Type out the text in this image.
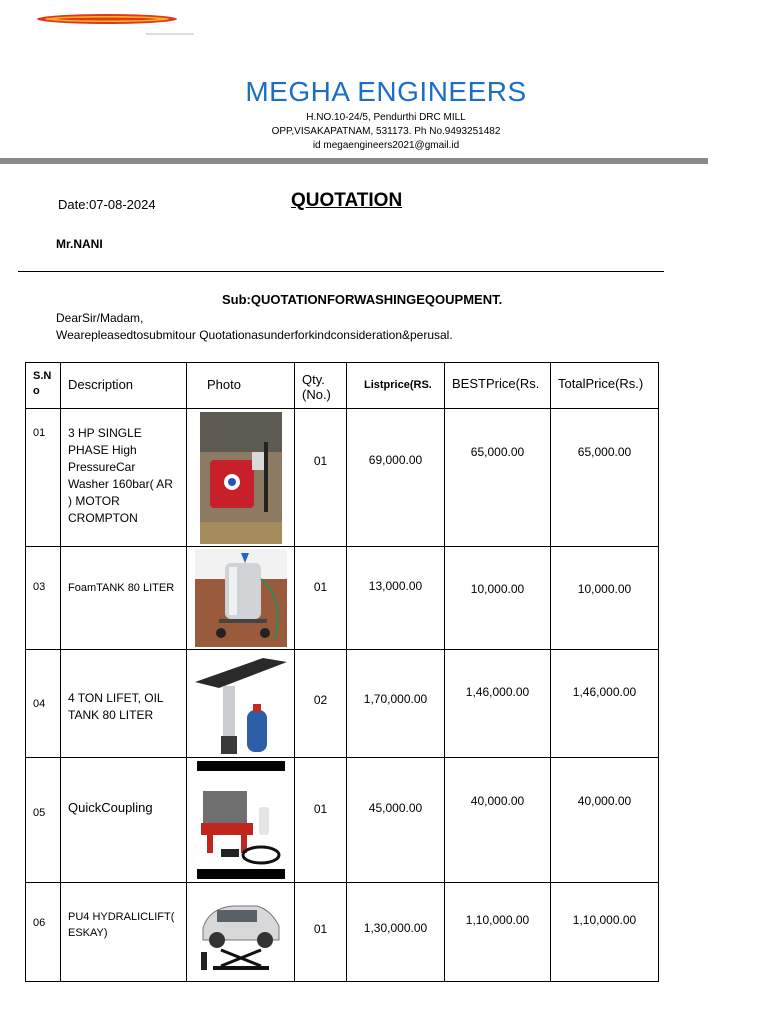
MEGHA ENGINEERS
H.NO.10-24/5, Pendurthi DRC MILL
OPP,VISAKAPATNAM, 531173. Ph No.9493251482
id megaengineers2021@gmail.id
Date:07-08-2024	QUOTATION
Mr.NANI
Sub:QUOTATIONFORWASHINGEQOUPMENT.
DearSir/Madam,
Wearepleasedtosubmitour Quotationasunderforkindconsideration&perusal.
S.N o	Description	Photo	Qty. (No.)	Listprice(RS.	BESTPrice(Rs.	TotalPrice(Rs.)

01	3 HP SINGLE PHASE High PressureCar Washer 160bar( AR ) MOTOR CROMPTON		01	69,000.00	65,000.00	65,000.00

03	FoamTANK 80 LITER		01	13,000.00	10,000.00	10,000.00

04	4 TON LIFET, OIL TANK 80 LITER		02	1,70,000.00	1,46,000.00	1,46,000.00

05	QuickCoupling		01	45,000.00	40,000.00	40,000.00

06	PU4 HYDRALICLIFT( ESKAY)		01	1,30,000.00	1,10,000.00	1,10,000.00
